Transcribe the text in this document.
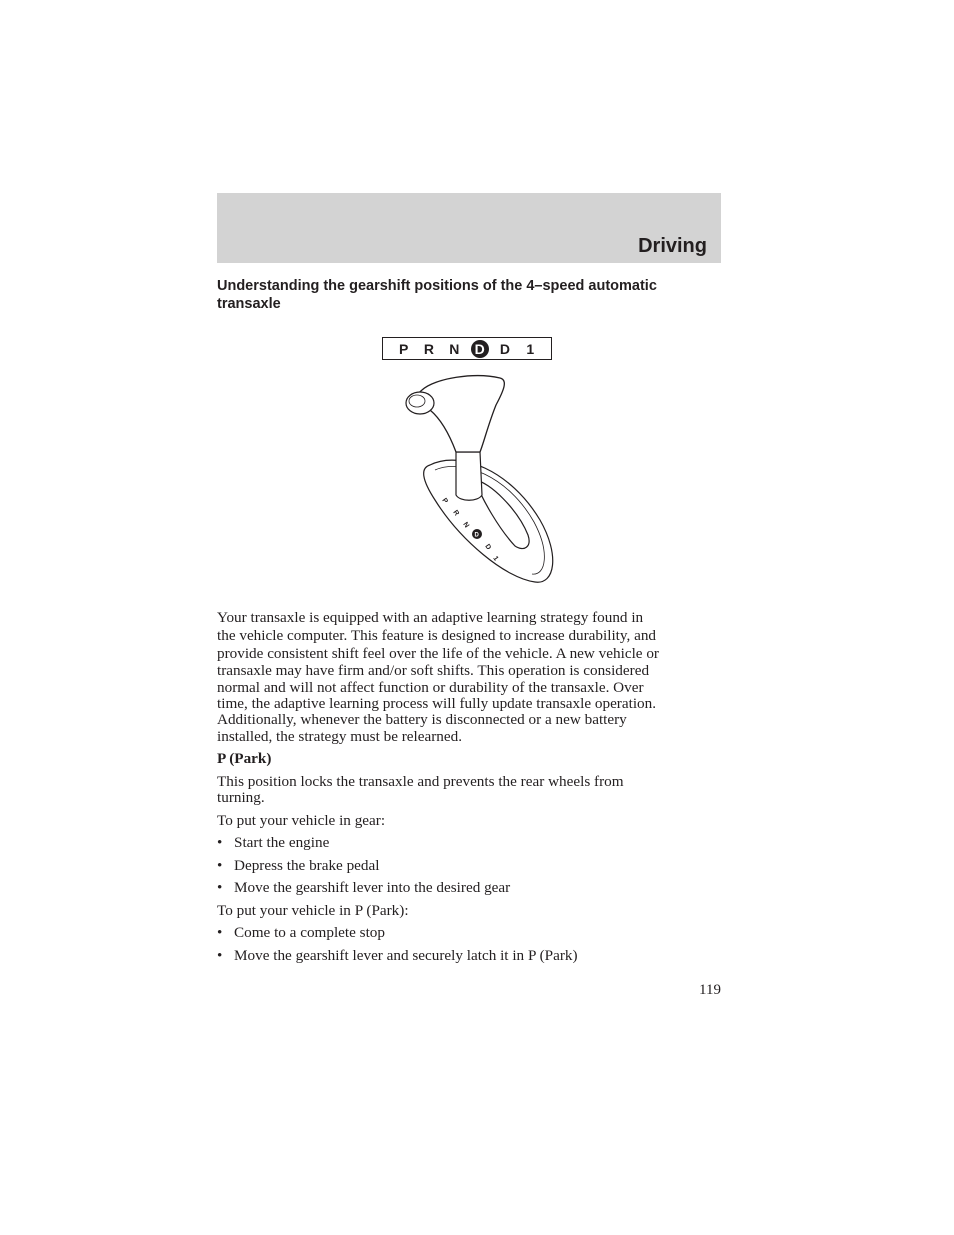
Driving
Understanding the gearshift positions of the 4–speed automatic transaxle
P	R N D D	1
P
R
N
D
D
1

Your transaxle is equipped with an adaptive learning strategy found in

the vehicle computer. This feature is designed to increase durability, and

provide consistent shift feel over the life of the vehicle. A new vehicle or

transaxle may have firm and/or soft shifts. This operation is considered

normal and will not affect function or durability of the transaxle. Over

time, the adaptive learning process will fully update transaxle operation.

Additionally, whenever the battery is disconnected or a new battery

installed, the strategy must be relearned.

P (Park)

This position locks the transaxle and prevents the rear wheels from

turning.

To put your vehicle in gear:

• Start the engine
• Depress the brake pedal
• Move the gearshift lever into the desired gear

To put your vehicle in P (Park):

• Come to a complete stop
• Move the gearshift lever and securely latch it in P (Park)
119
